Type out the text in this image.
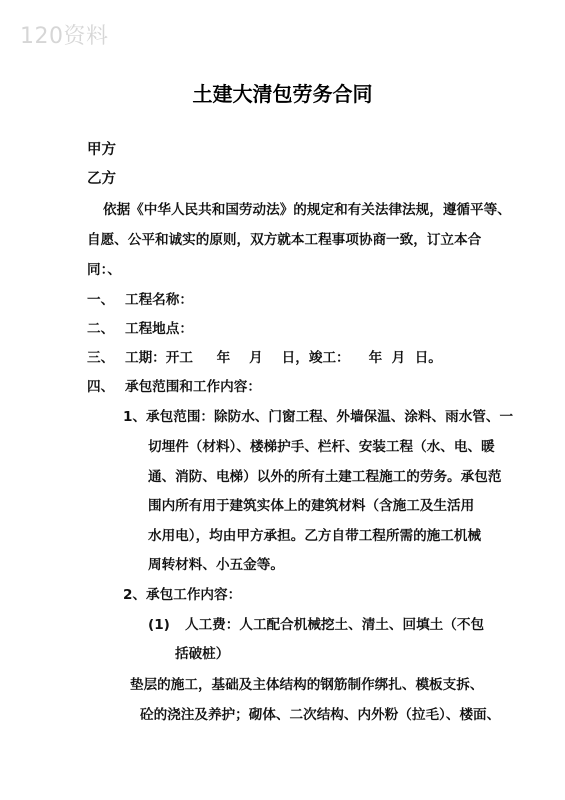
120资料
土建大清包劳务合同
甲方
乙方
依据《中华人民共和国劳动法》的规定和有关法律法规，遵循平等、
自愿、公平和诚实的原则，双方就本工程事项协商一致，订立本合
同：、
一、 工程名称：
二、 工程地点：
三、 工期：开工     年    月    日，竣工：    年  月  日。
四、 承包范围和工作内容：
1、承包范围：除防水、门窗工程、外墙保温、涂料、雨水管、一
切埋件（材料）、楼梯护手、栏杆、安装工程（水、电、暖
通、消防、电梯）以外的所有土建工程施工的劳务。承包范
围内所有用于建筑实体上的建筑材料（含施工及生活用
水用电），均由甲方承担。乙方自带工程所需的施工机械
周转材料、小五金等。
2、承包工作内容：
(1) 人工费：人工配合机械挖土、清土、回填土（不包
括破桩）
垫层的施工，基础及主体结构的钢筋制作绑扎、模板支拆、
砼的浇注及养护；砌体、二次结构、内外粉（拉毛）、楼面、
